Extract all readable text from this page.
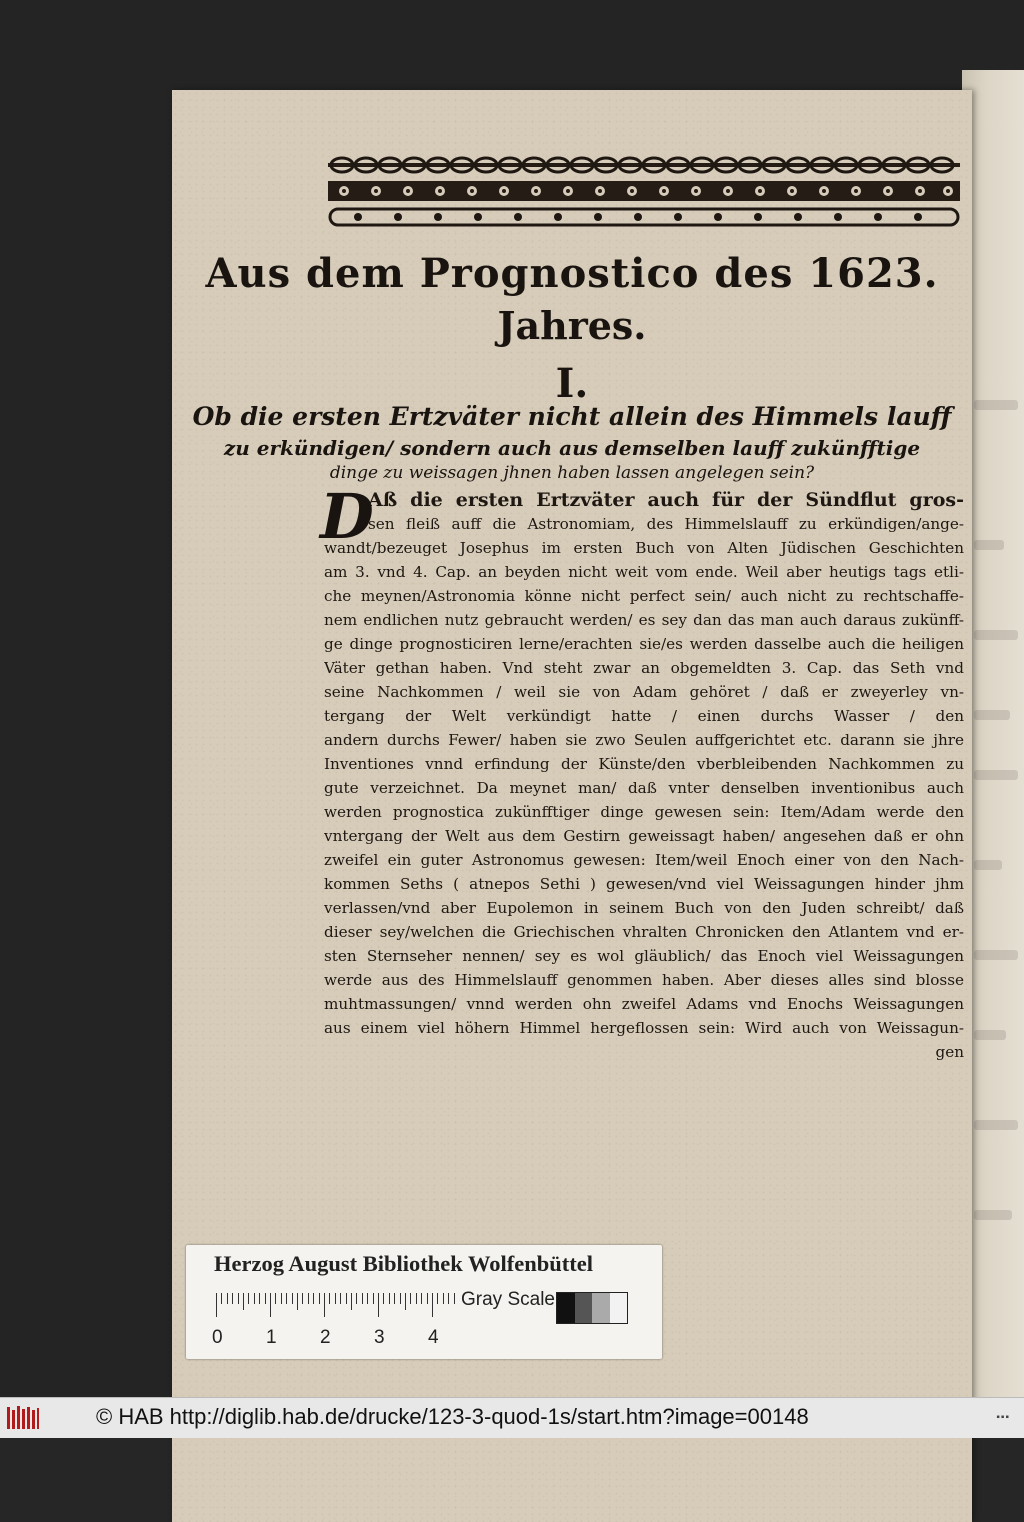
Aus dem Prognostico des 1623.
Jahres.
I.
Ob die ersten Ertzväter nicht allein des Himmels lauff
zu erkündigen/ sondern auch aus demselben lauff zukünfftige
dinge zu weissagen jhnen haben lassen angelegen sein?
D
Aß die ersten Ertzväter auch für der Sündflut gros-
sen fleiß auff die Astronomiam, des Himmelslauff zu erkündigen/ange-
wandt/bezeuget Josephus im ersten Buch von Alten Jüdischen Geschichten
am 3. vnd 4. Cap. an beyden nicht weit vom ende. Weil aber heutigs tags etli-
che meynen/Astronomia könne nicht perfect sein/ auch nicht zu rechtschaffe-
nem endlichen nutz gebraucht werden/ es sey dan das man auch daraus zukünff-
ge dinge prognosticiren lerne/erachten sie/es werden dasselbe auch die heiligen
Väter gethan haben. Vnd steht zwar an obgemeldten 3. Cap. das Seth vnd
seine Nachkommen / weil sie von Adam gehöret / daß er zweyerley vn-
tergang der Welt verkündigt hatte / einen durchs Wasser / den
andern durchs Fewer/ haben sie zwo Seulen auffgerichtet etc. darann sie jhre
Inventiones vnnd erfindung der Künste/den vberbleibenden Nachkommen zu
gute verzeichnet. Da meynet man/ daß vnter denselben inventionibus auch
werden prognostica zukünfftiger dinge gewesen sein: Item/Adam werde den
vntergang der Welt aus dem Gestirn geweissagt haben/ angesehen daß er ohn
zweifel ein guter Astronomus gewesen: Item/weil Enoch einer von den Nach-
kommen Seths ( atnepos Sethi ) gewesen/vnd viel Weissagungen hinder jhm
verlassen/vnd aber Eupolemon in seinem Buch von den Juden schreibt/ daß
dieser sey/welchen die Griechischen vhralten Chronicken den Atlantem vnd er-
sten Sternseher nennen/ sey es wol gläublich/ das Enoch viel Weissagungen
werde aus des Himmelslauff genommen haben. Aber dieses alles sind blosse
muhtmassungen/ vnnd werden ohn zweifel Adams vnd Enochs Weissagungen
aus einem viel höhern Himmel hergeflossen sein: Wird auch von Weissagun-
gen
Herzog August Bibliothek Wolfenbüttel
0 1 2 3 4
Gray Scale
© HAB http://diglib.hab.de/drucke/123-3-quod-1s/start.htm?image=00148	▪▪▪
